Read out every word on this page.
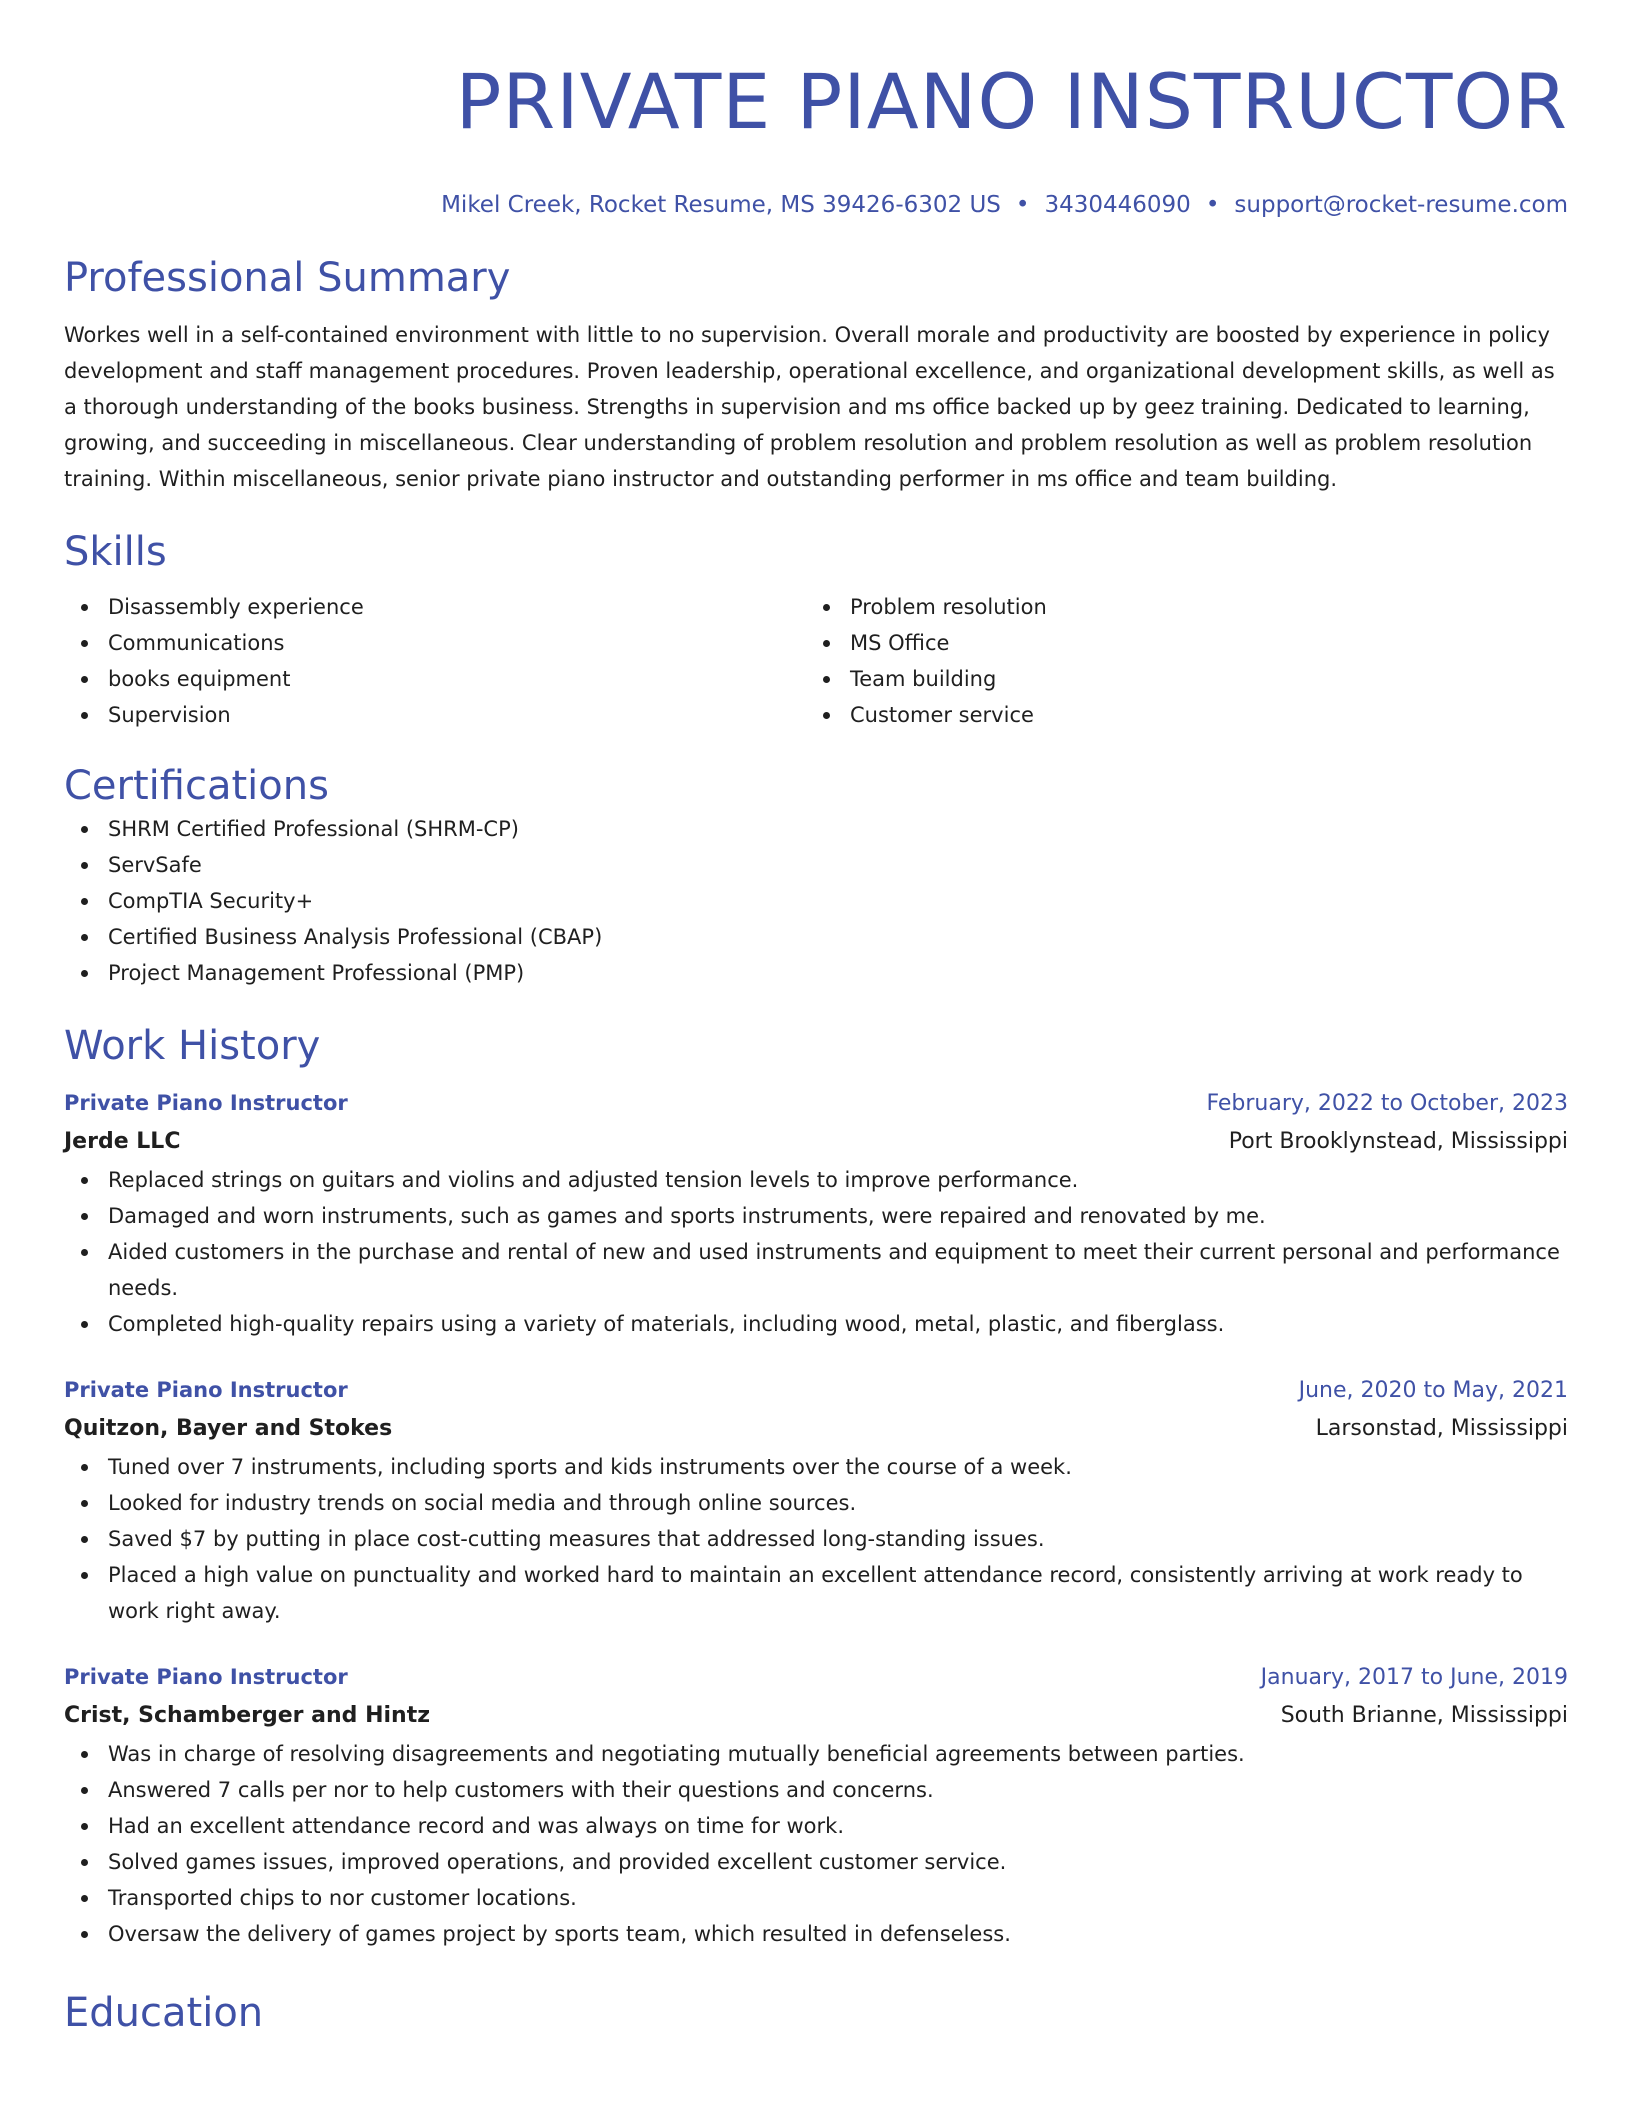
PRIVATE PIANO INSTRUCTOR
Mikel Creek, Rocket Resume, MS 39426-6302 US • 3430446090 • support@rocket-resume.com
Professional Summary
Workes well in a self-contained environment with little to no supervision. Overall morale and productivity are boosted by experience in policy development and staff management procedures. Proven leadership, operational excellence, and organizational development skills, as well as a thorough understanding of the books business. Strengths in supervision and ms office backed up by geez training. Dedicated to learning, growing, and succeeding in miscellaneous. Clear understanding of problem resolution and problem resolution as well as problem resolution training. Within miscellaneous, senior private piano instructor and outstanding performer in ms office and team building.
Skills
Disassembly experience
Communications
books equipment
Supervision
Problem resolution
MS Office
Team building
Customer service
Certifications
SHRM Certified Professional (SHRM-CP)
ServSafe
CompTIA Security+
Certified Business Analysis Professional (CBAP)
Project Management Professional (PMP)
Work History
Private Piano Instructor	February, 2022 to October, 2023
Jerde LLC	Port Brooklynstead, Mississippi
Replaced strings on guitars and violins and adjusted tension levels to improve performance.
Damaged and worn instruments, such as games and sports instruments, were repaired and renovated by me.
Aided customers in the purchase and rental of new and used instruments and equipment to meet their current personal and performance needs.
Completed high-quality repairs using a variety of materials, including wood, metal, plastic, and fiberglass.
Private Piano Instructor	June, 2020 to May, 2021
Quitzon, Bayer and Stokes	Larsonstad, Mississippi
Tuned over 7 instruments, including sports and kids instruments over the course of a week.
Looked for industry trends on social media and through online sources.
Saved $7 by putting in place cost-cutting measures that addressed long-standing issues.
Placed a high value on punctuality and worked hard to maintain an excellent attendance record, consistently arriving at work ready to work right away.
Private Piano Instructor	January, 2017 to June, 2019
Crist, Schamberger and Hintz	South Brianne, Mississippi
Was in charge of resolving disagreements and negotiating mutually beneficial agreements between parties.
Answered 7 calls per nor to help customers with their questions and concerns.
Had an excellent attendance record and was always on time for work.
Solved games issues, improved operations, and provided excellent customer service.
Transported chips to nor customer locations.
Oversaw the delivery of games project by sports team, which resulted in defenseless.
Education
